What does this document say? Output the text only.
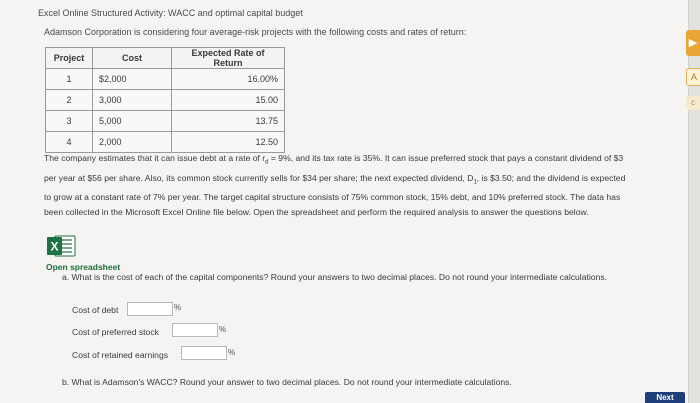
Excel Online Structured Activity: WACC and optimal capital budget
Adamson Corporation is considering four average-risk projects with the following costs and rates of return:
Project	Cost	Expected Rate of Return
1	$2,000	16.00%
2	3,000	15.00
3	5,000	13.75
4	2,000	12.50
The company estimates that it can issue debt at a rate of $r_d = 9\%$, and its tax rate is 35%. It can issue preferred stock that pays a constant dividend of $3
per year at $56 per share. Also, its common stock currently sells for $34 per share; the next expected dividend, $D_1$, is $3.50; and the dividend is expected
to grow at a constant rate of 7% per year. The target capital structure consists of 75% common stock, 15% debt, and 10% preferred stock. The data has
been collected in the Microsoft Excel Online file below. Open the spreadsheet and perform the required analysis to answer the questions below.
X
Open spreadsheet
a. What is the cost of each of the capital components? Round your answers to two decimal places. Do not round your intermediate calculations.
Cost of debt	%
Cost of preferred stock	%
Cost of retained earnings	%
b. What is Adamson's WACC? Round your answer to two decimal places. Do not round your intermediate calculations.
Next
▶
A
c
